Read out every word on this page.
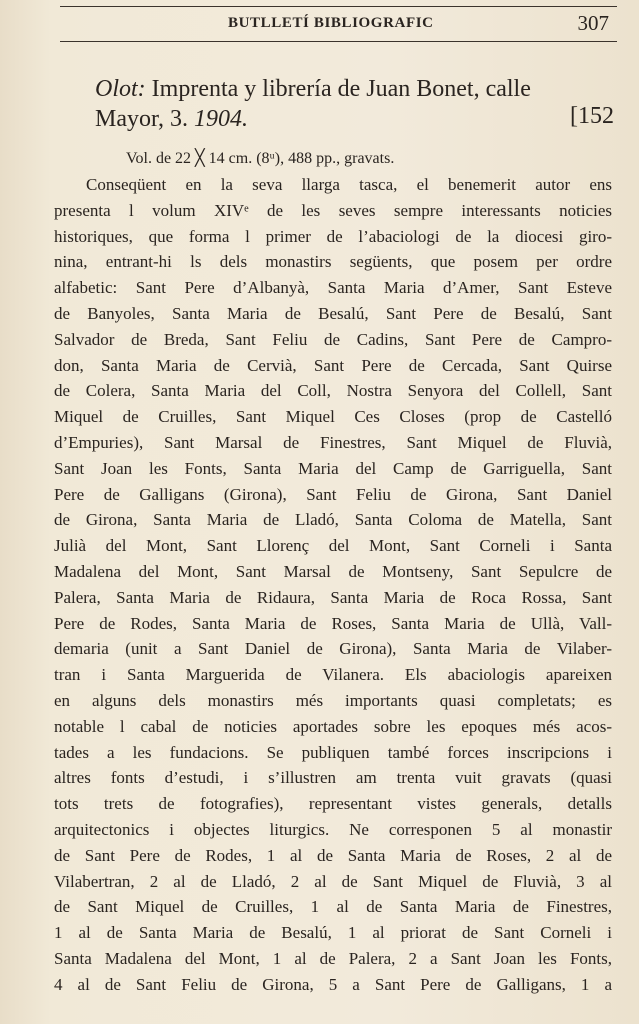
BUTLLETÍ BIBLIOGRAFIC	307
Olot: Imprenta y librería de Juan Bonet, calle
Mayor, 3. 1904.	[152
Vol. de 22 ╳ 14 cm. (8ᵘ), 488 pp., gravats.
Conseqüent en la seva llarga tasca, el benemerit autor ens
presenta l volum XIVᵉ de les seves sempre interessants noticies
historiques, que forma l primer de l’abaciologi de la diocesi giro-
nina, entrant-hi ls dels monastirs següents, que posem per ordre
alfabetic: Sant Pere d’Albanyà, Santa Maria d’Amer, Sant Esteve
de Banyoles, Santa Maria de Besalú, Sant Pere de Besalú, Sant
Salvador de Breda, Sant Feliu de Cadins, Sant Pere de Campro-
don, Santa Maria de Cervià, Sant Pere de Cercada, Sant Quirse
de Colera, Santa Maria del Coll, Nostra Senyora del Collell, Sant
Miquel de Cruilles, Sant Miquel Ces Closes (prop de Castelló
d’Empuries), Sant Marsal de Finestres, Sant Miquel de Fluvià,
Sant Joan les Fonts, Santa Maria del Camp de Garriguella, Sant
Pere de Galligans (Girona), Sant Feliu de Girona, Sant Daniel
de Girona, Santa Maria de Lladó, Santa Coloma de Matella, Sant
Julià del Mont, Sant Llorenç del Mont, Sant Corneli i Santa
Madalena del Mont, Sant Marsal de Montseny, Sant Sepulcre de
Palera, Santa Maria de Ridaura, Santa Maria de Roca Rossa, Sant
Pere de Rodes, Santa Maria de Roses, Santa Maria de Ullà, Vall-
demaria (unit a Sant Daniel de Girona), Santa Maria de Vilaber-
tran i Santa Marguerida de Vilanera. Els abaciologis apareixen
en alguns dels monastirs més importants quasi completats; es
notable l cabal de noticies aportades sobre les epoques més acos-
tades a les fundacions. Se publiquen també forces inscripcions i
altres fonts d’estudi, i s’illustren am trenta vuit gravats (quasi
tots trets de fotografies), representant vistes generals, detalls
arquitectonics i objectes liturgics. Ne corresponen 5 al monastir
de Sant Pere de Rodes, 1 al de Santa Maria de Roses, 2 al de
Vilabertran, 2 al de Lladó, 2 al de Sant Miquel de Fluvià, 3 al
de Sant Miquel de Cruilles, 1 al de Santa Maria de Finestres,
1 al de Santa Maria de Besalú, 1 al priorat de Sant Corneli i
Santa Madalena del Mont, 1 al de Palera, 2 a Sant Joan les Fonts,
4 al de Sant Feliu de Girona, 5 a Sant Pere de Galligans, 1 a
